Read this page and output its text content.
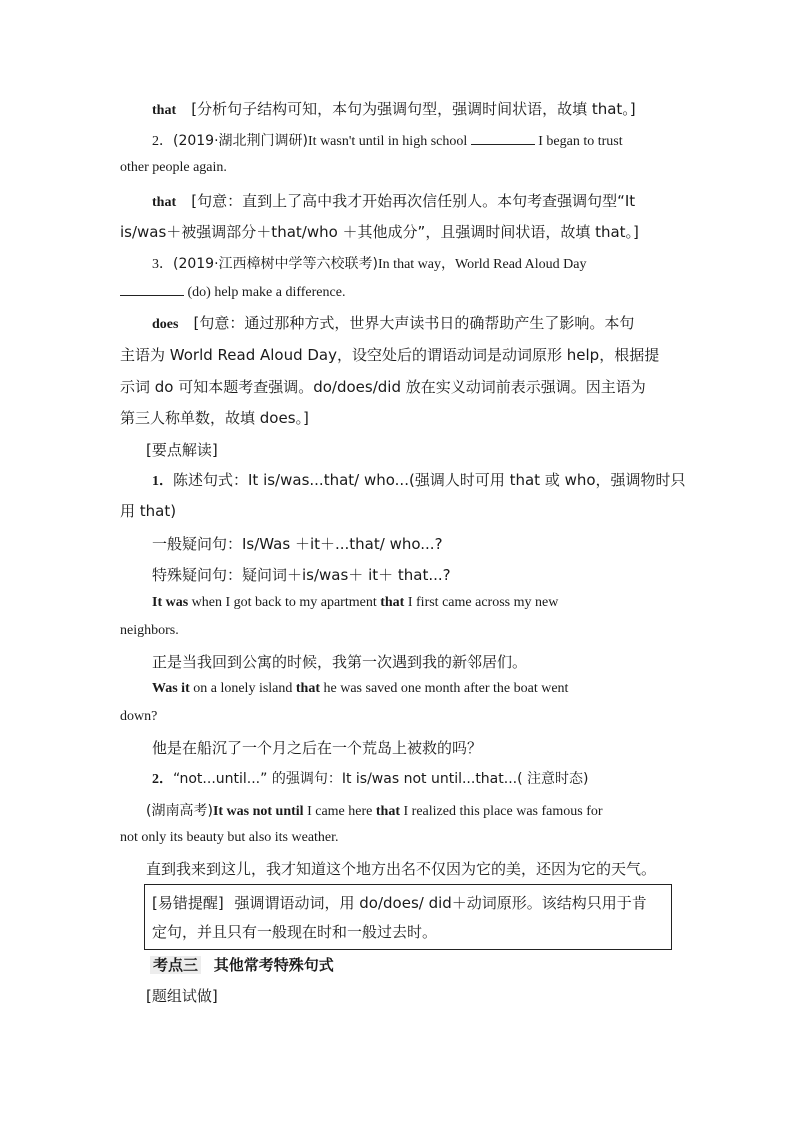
that [分析句子结构可知，本句为强调句型，强调时间状语，故填 that。]
2．(2019·湖北荆门调研)It wasn't until in high school	I began to trust
other people again.
that [句意：直到上了高中我才开始再次信任别人。本句考查强调句型“It
is/was＋被强调部分＋that/who ＋其他成分”，且强调时间状语，故填 that。]
3．(2019·江西樟树中学等六校联考)In that way，World Read Aloud Day
(do) help make a difference.
does [句意：通过那种方式，世界大声读书日的确帮助产生了影响。本句
主语为 World Read Aloud Day，设空处后的谓语动词是动词原形 help，根据提
示词 do 可知本题考查强调。do/does/did 放在实义动词前表示强调。因主语为
第三人称单数，故填 does。]
[要点解读]
1．陈述句式：It is/was...that/ who...(强调人时可用 that 或 who，强调物时只
用 that)
一般疑问句：Is/Was ＋it＋...that/ who...?
特殊疑问句：疑问词＋is/was＋ it＋ that...?
It was when I got back to my apartment that I first came across my new
neighbors.
正是当我回到公寓的时候，我第一次遇到我的新邻居们。
Was it on a lonely island that he was saved one month after the boat went
down?
他是在船沉了一个月之后在一个荒岛上被救的吗？
2．“not...until...” 的强调句：It is/was not until...that...( 注意时态)
(湖南高考)It was not until I came here that I realized this place was famous for
not only its beauty but also its weather.
直到我来到这儿，我才知道这个地方出名不仅因为它的美，还因为它的天气。
[易错提醒] 强调谓语动词，用 do/does/ did＋动词原形。该结构只用于肯
定句，并且只有一般现在时和一般过去时。
考点三 其他常考特殊句式
[题组试做]
